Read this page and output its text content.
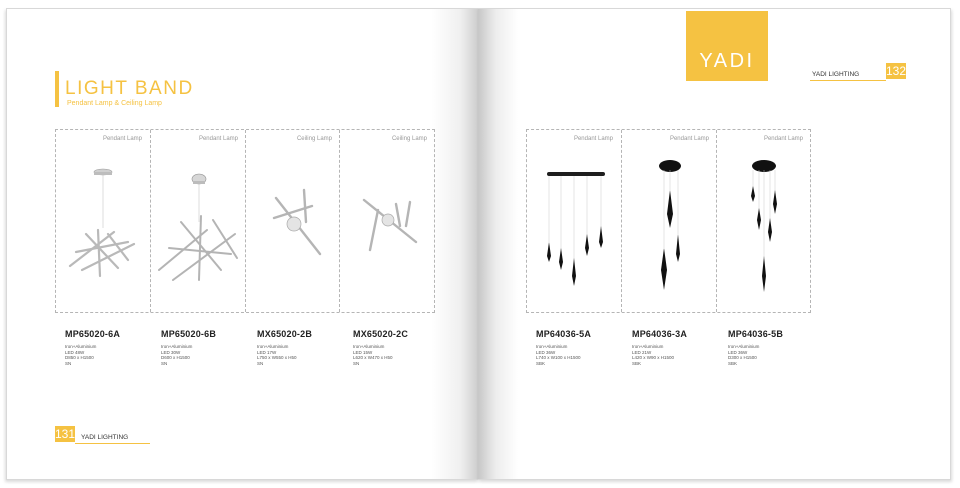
LIGHT BAND
Pendant Lamp & Ceiling Lamp
Pendant Lamp	Pendant Lamp	Ceiling Lamp	Ceiling Lamp
MP65020-6A
Iron+Aluminium
LED 48W
D850 x H1500
SN
MP65020-6B
Iron+Aluminium
LED 30W
D600 x H1500
SN
MX65020-2B
Iron+Aluminium
LED 17W
L750 x W550 x H50
SN
MX65020-2C
Iron+Aluminium
LED 15W
L620 x W470 x H50
SN
131 YADI LIGHTING
YADI
YADI LIGHTING 132
Pendant Lamp	Pendant Lamp	Pendant Lamp
MP64036-5A
Iron+Aluminium
LED 36W
L740 x W100 x H1500
SBK
MP64036-3A
Iron+Aluminium
LED 21W
L420 x W90 x H1500
SBK
MP64036-5B
Iron+Aluminium
LED 36W
D300 x H1500
SBK
